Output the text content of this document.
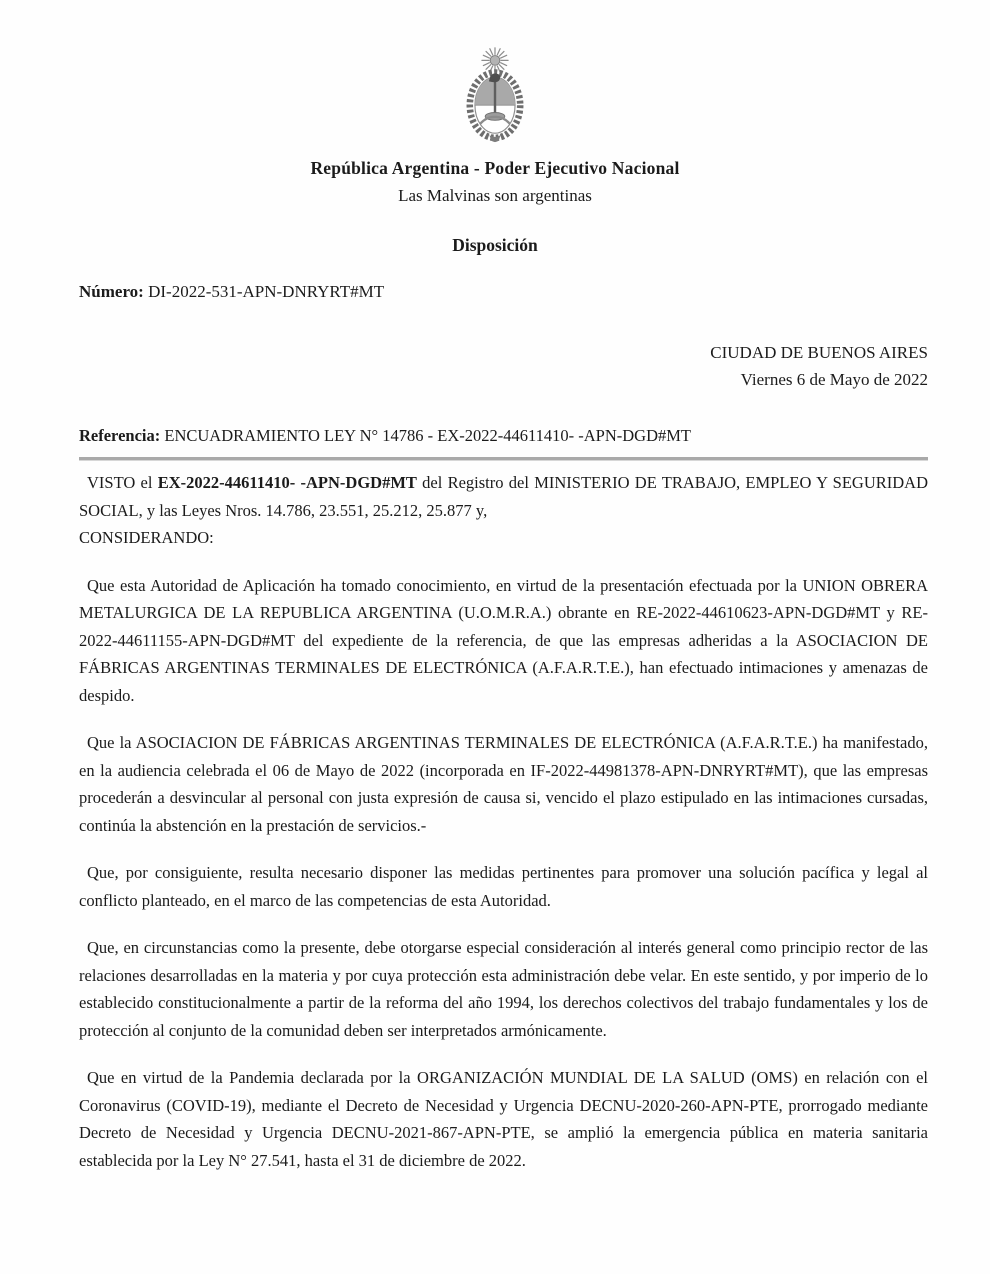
República Argentina - Poder Ejecutivo Nacional
Las Malvinas son argentinas
Disposición
Número: DI-2022-531-APN-DNRYRT#MT
CIUDAD DE BUENOS AIRES
Viernes 6 de Mayo de 2022
Referencia: ENCUADRAMIENTO LEY N° 14786 - EX-2022-44611410- -APN-DGD#MT

VISTO el EX-2022-44611410- -APN-DGD#MT del Registro del MINISTERIO DE TRABAJO, EMPLEO Y SEGURIDAD SOCIAL, y las Leyes Nros. 14.786, 23.551, 25.212, 25.877 y,

CONSIDERANDO:

Que esta Autoridad de Aplicación ha tomado conocimiento, en virtud de la presentación efectuada por la UNION OBRERA METALURGICA DE LA REPUBLICA ARGENTINA (U.O.M.R.A.) obrante en RE-2022-44610623-APN-DGD#MT y RE-2022-44611155-APN-DGD#MT del expediente de la referencia, de que las empresas adheridas a la ASOCIACION DE FÁBRICAS ARGENTINAS TERMINALES DE ELECTRÓNICA (A.F.A.R.T.E.), han efectuado intimaciones y amenazas de despido.

Que la ASOCIACION DE FÁBRICAS ARGENTINAS TERMINALES DE ELECTRÓNICA (A.F.A.R.T.E.) ha manifestado, en la audiencia celebrada el 06 de Mayo de 2022 (incorporada en IF-2022-44981378-APN-DNRYRT#MT), que las empresas procederán a desvincular al personal con justa expresión de causa si, vencido el plazo estipulado en las intimaciones cursadas, continúa la abstención en la prestación de servicios.-

Que, por consiguiente, resulta necesario disponer las medidas pertinentes para promover una solución pacífica y legal al conflicto planteado, en el marco de las competencias de esta Autoridad.

Que, en circunstancias como la presente, debe otorgarse especial consideración al interés general como principio rector de las relaciones desarrolladas en la materia y por cuya protección esta administración debe velar. En este sentido, y por imperio de lo establecido constitucionalmente a partir de la reforma del año 1994, los derechos colectivos del trabajo fundamentales y los de protección al conjunto de la comunidad deben ser interpretados armónicamente.

Que en virtud de la Pandemia declarada por la ORGANIZACIÓN MUNDIAL DE LA SALUD (OMS) en relación con el Coronavirus (COVID-19), mediante el Decreto de Necesidad y Urgencia DECNU-2020-260-APN-PTE, prorrogado mediante Decreto de Necesidad y Urgencia DECNU-2021-867-APN-PTE, se amplió la emergencia pública en materia sanitaria establecida por la Ley N° 27.541, hasta el 31 de diciembre de 2022.
